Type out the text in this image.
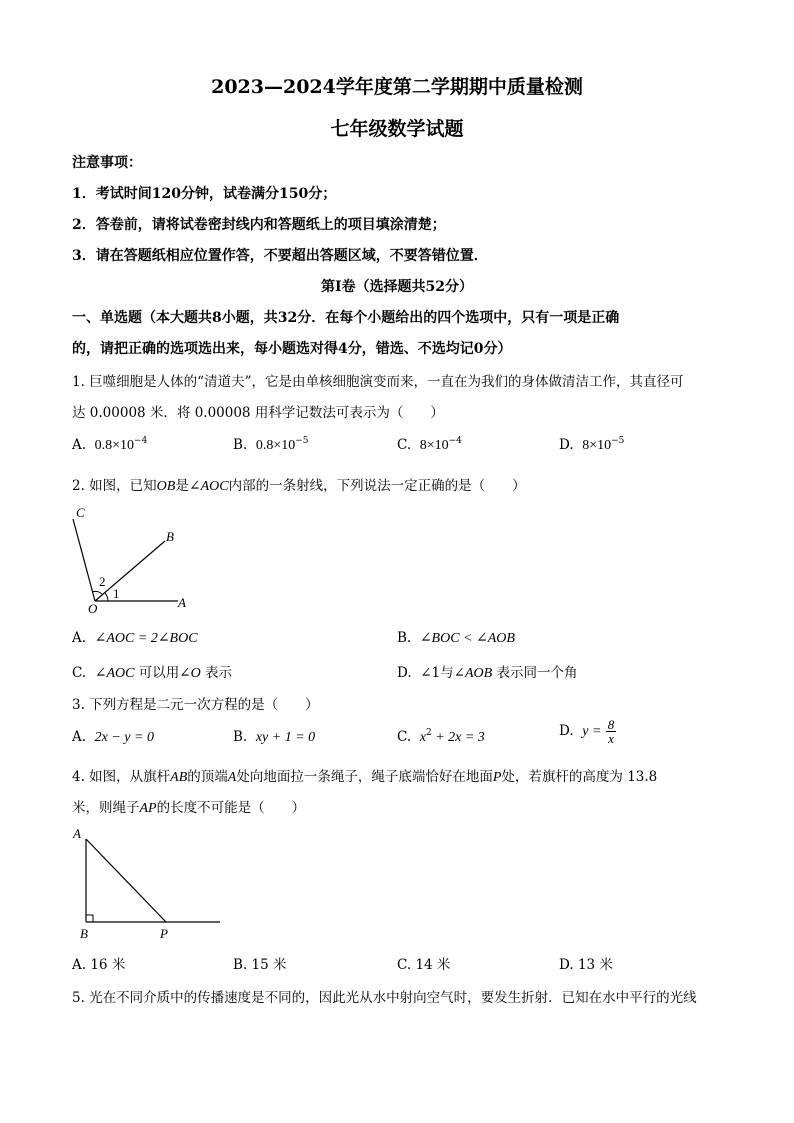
2023—2024学年度第二学期期中质量检测
七年级数学试题
注意事项：
1．考试时间120分钟，试卷满分150分；
2．答卷前，请将试卷密封线内和答题纸上的项目填涂清楚；
3．请在答题纸相应位置作答，不要超出答题区域，不要答错位置．
第Ⅰ卷（选择题共52分）
一、单选题（本大题共8小题，共32分．在每个小题给出的四个选项中，只有一项是正确
的，请把正确的选项选出来，每小题选对得4分，错选、不选均记0分）
1. 巨噬细胞是人体的“清道夫”，它是由单核细胞演变而来，一直在为我们的身体做清洁工作，其直径可
达 0.00008 米．将 0.00008 用科学记数法可表示为（　　）
A. $0.8\times 10^{-4}$	B. $0.8\times 10^{-5}$	C. $8\times 10^{-4}$	D. $8\times 10^{-5}$
2. 如图，已知OB是∠AOC内部的一条射线，下列说法一定正确的是（　　）
C
B
O	A
1
2
A. ∠AOC = 2∠BOC	B. ∠BOC < ∠AOB
C. ∠AOC 可以用∠O 表示	D. ∠1与∠AOB 表示同一个角
3. 下列方程是二元一次方程的是（　　）
A. 2x − y = 0	B. xy + 1 = 0	C. $x^2 + 2x = 3$	D. $y = \frac{8}{x}$
4. 如图，从旗杆AB的顶端A处向地面拉一条绳子，绳子底端恰好在地面P处，若旗杆的高度为 13.8
米，则绳子AP的长度不可能是（　　）
A
B	P
A. 16 米	B. 15 米	C. 14 米	D. 13 米
5. 光在不同介质中的传播速度是不同的，因此光从水中射向空气时，要发生折射．已知在水中平行的光线
